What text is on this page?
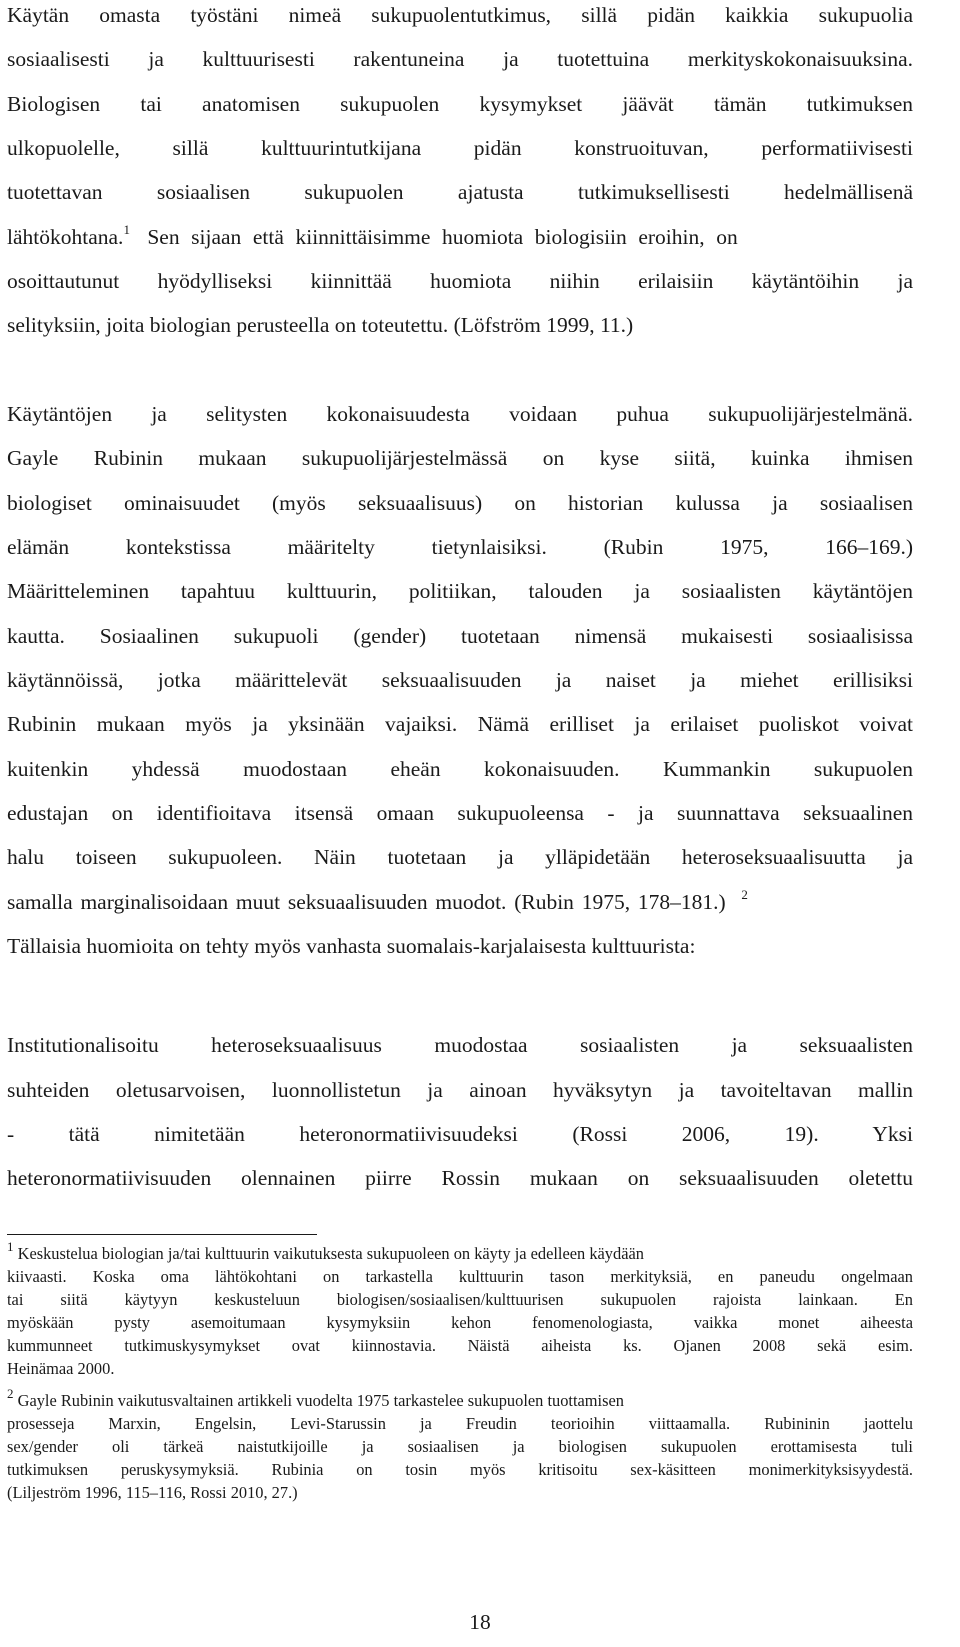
Käytän omasta työstäni nimeä sukupuolentutkimus, sillä pidän kaikkia sukupuolia
sosiaalisesti ja kulttuurisesti rakentuneina ja tuotettuina merkityskokonaisuuksina.
Biologisen tai anatomisen sukupuolen kysymykset jäävät tämän tutkimuksen
ulkopuolelle, sillä kulttuurintutkijana pidän konstruoituvan, performatiivisesti
tuotettavan sosiaalisen sukupuolen ajatusta tutkimuksellisesti hedelmällisenä
lähtökohtana.$^1$ Sen sijaan että kiinnittäisimme huomiota biologisiin eroihin, on
osoittautunut hyödylliseksi kiinnittää huomiota niihin erilaisiin käytäntöihin ja
selityksiin, joita biologian perusteella on toteutettu. (Löfström 1999, 11.)
Käytäntöjen ja selitysten kokonaisuudesta voidaan puhua sukupuolijärjestelmänä.
Gayle Rubinin mukaan sukupuolijärjestelmässä on kyse siitä, kuinka ihmisen
biologiset ominaisuudet (myös seksuaalisuus) on historian kulussa ja sosiaalisen
elämän kontekstissa määritelty tietynlaisiksi. (Rubin 1975, 166–169.)
Määritteleminen tapahtuu kulttuurin, politiikan, talouden ja sosiaalisten käytäntöjen
kautta. Sosiaalinen sukupuoli (gender) tuotetaan nimensä mukaisesti sosiaalisissa
käytännöissä, jotka määrittelevät seksuaalisuuden ja naiset ja miehet erillisiksi
Rubinin mukaan myös ja yksinään vajaiksi. Nämä erilliset ja erilaiset puoliskot voivat
kuitenkin yhdessä muodostaan eheän kokonaisuuden. Kummankin sukupuolen
edustajan on identifioitava itsensä omaan sukupuoleensa - ja suunnattava seksuaalinen
halu toiseen sukupuoleen. Näin tuotetaan ja ylläpidetään heteroseksuaalisuutta ja
samalla marginalisoidaan muut seksuaalisuuden muodot. (Rubin 1975, 178–181.) $^2$
Tällaisia huomioita on tehty myös vanhasta suomalais-karjalaisesta kulttuurista:
Institutionalisoitu heteroseksuaalisuus muodostaa sosiaalisten ja seksuaalisten
suhteiden oletusarvoisen, luonnollistetun ja ainoan hyväksytyn ja tavoiteltavan mallin
- tätä nimitetään heteronormatiivisuudeksi (Rossi 2006, 19). Yksi
heteronormatiivisuuden olennainen piirre Rossin mukaan on seksuaalisuuden oletettu
$^1$ Keskustelua biologian ja/tai kulttuurin vaikutuksesta sukupuoleen on käyty ja edelleen käydään
kiivaasti. Koska oma lähtökohtani on tarkastella kulttuurin tason merkityksiä, en paneudu ongelmaan
tai siitä käytyyn keskusteluun biologisen/sosiaalisen/kulttuurisen sukupuolen rajoista lainkaan. En
myöskään pysty asemoitumaan kysymyksiin kehon fenomenologiasta, vaikka monet aiheesta
kummunneet tutkimuskysymykset ovat kiinnostavia. Näistä aiheista ks. Ojanen 2008 sekä esim.
Heinämaa 2000.
$^2$ Gayle Rubinin vaikutusvaltainen artikkeli vuodelta 1975 tarkastelee sukupuolen tuottamisen
prosesseja Marxin, Engelsin, Levi-Starussin ja Freudin teorioihin viittaamalla. Rubininin jaottelu
sex/gender oli tärkeä naistutkijoille ja sosiaalisen ja biologisen sukupuolen erottamisesta tuli
tutkimuksen peruskysymyksiä. Rubinia on tosin myös kritisoitu sex-käsitteen monimerkityksisyydestä.
(Liljeström 1996, 115–116, Rossi 2010, 27.)
18
